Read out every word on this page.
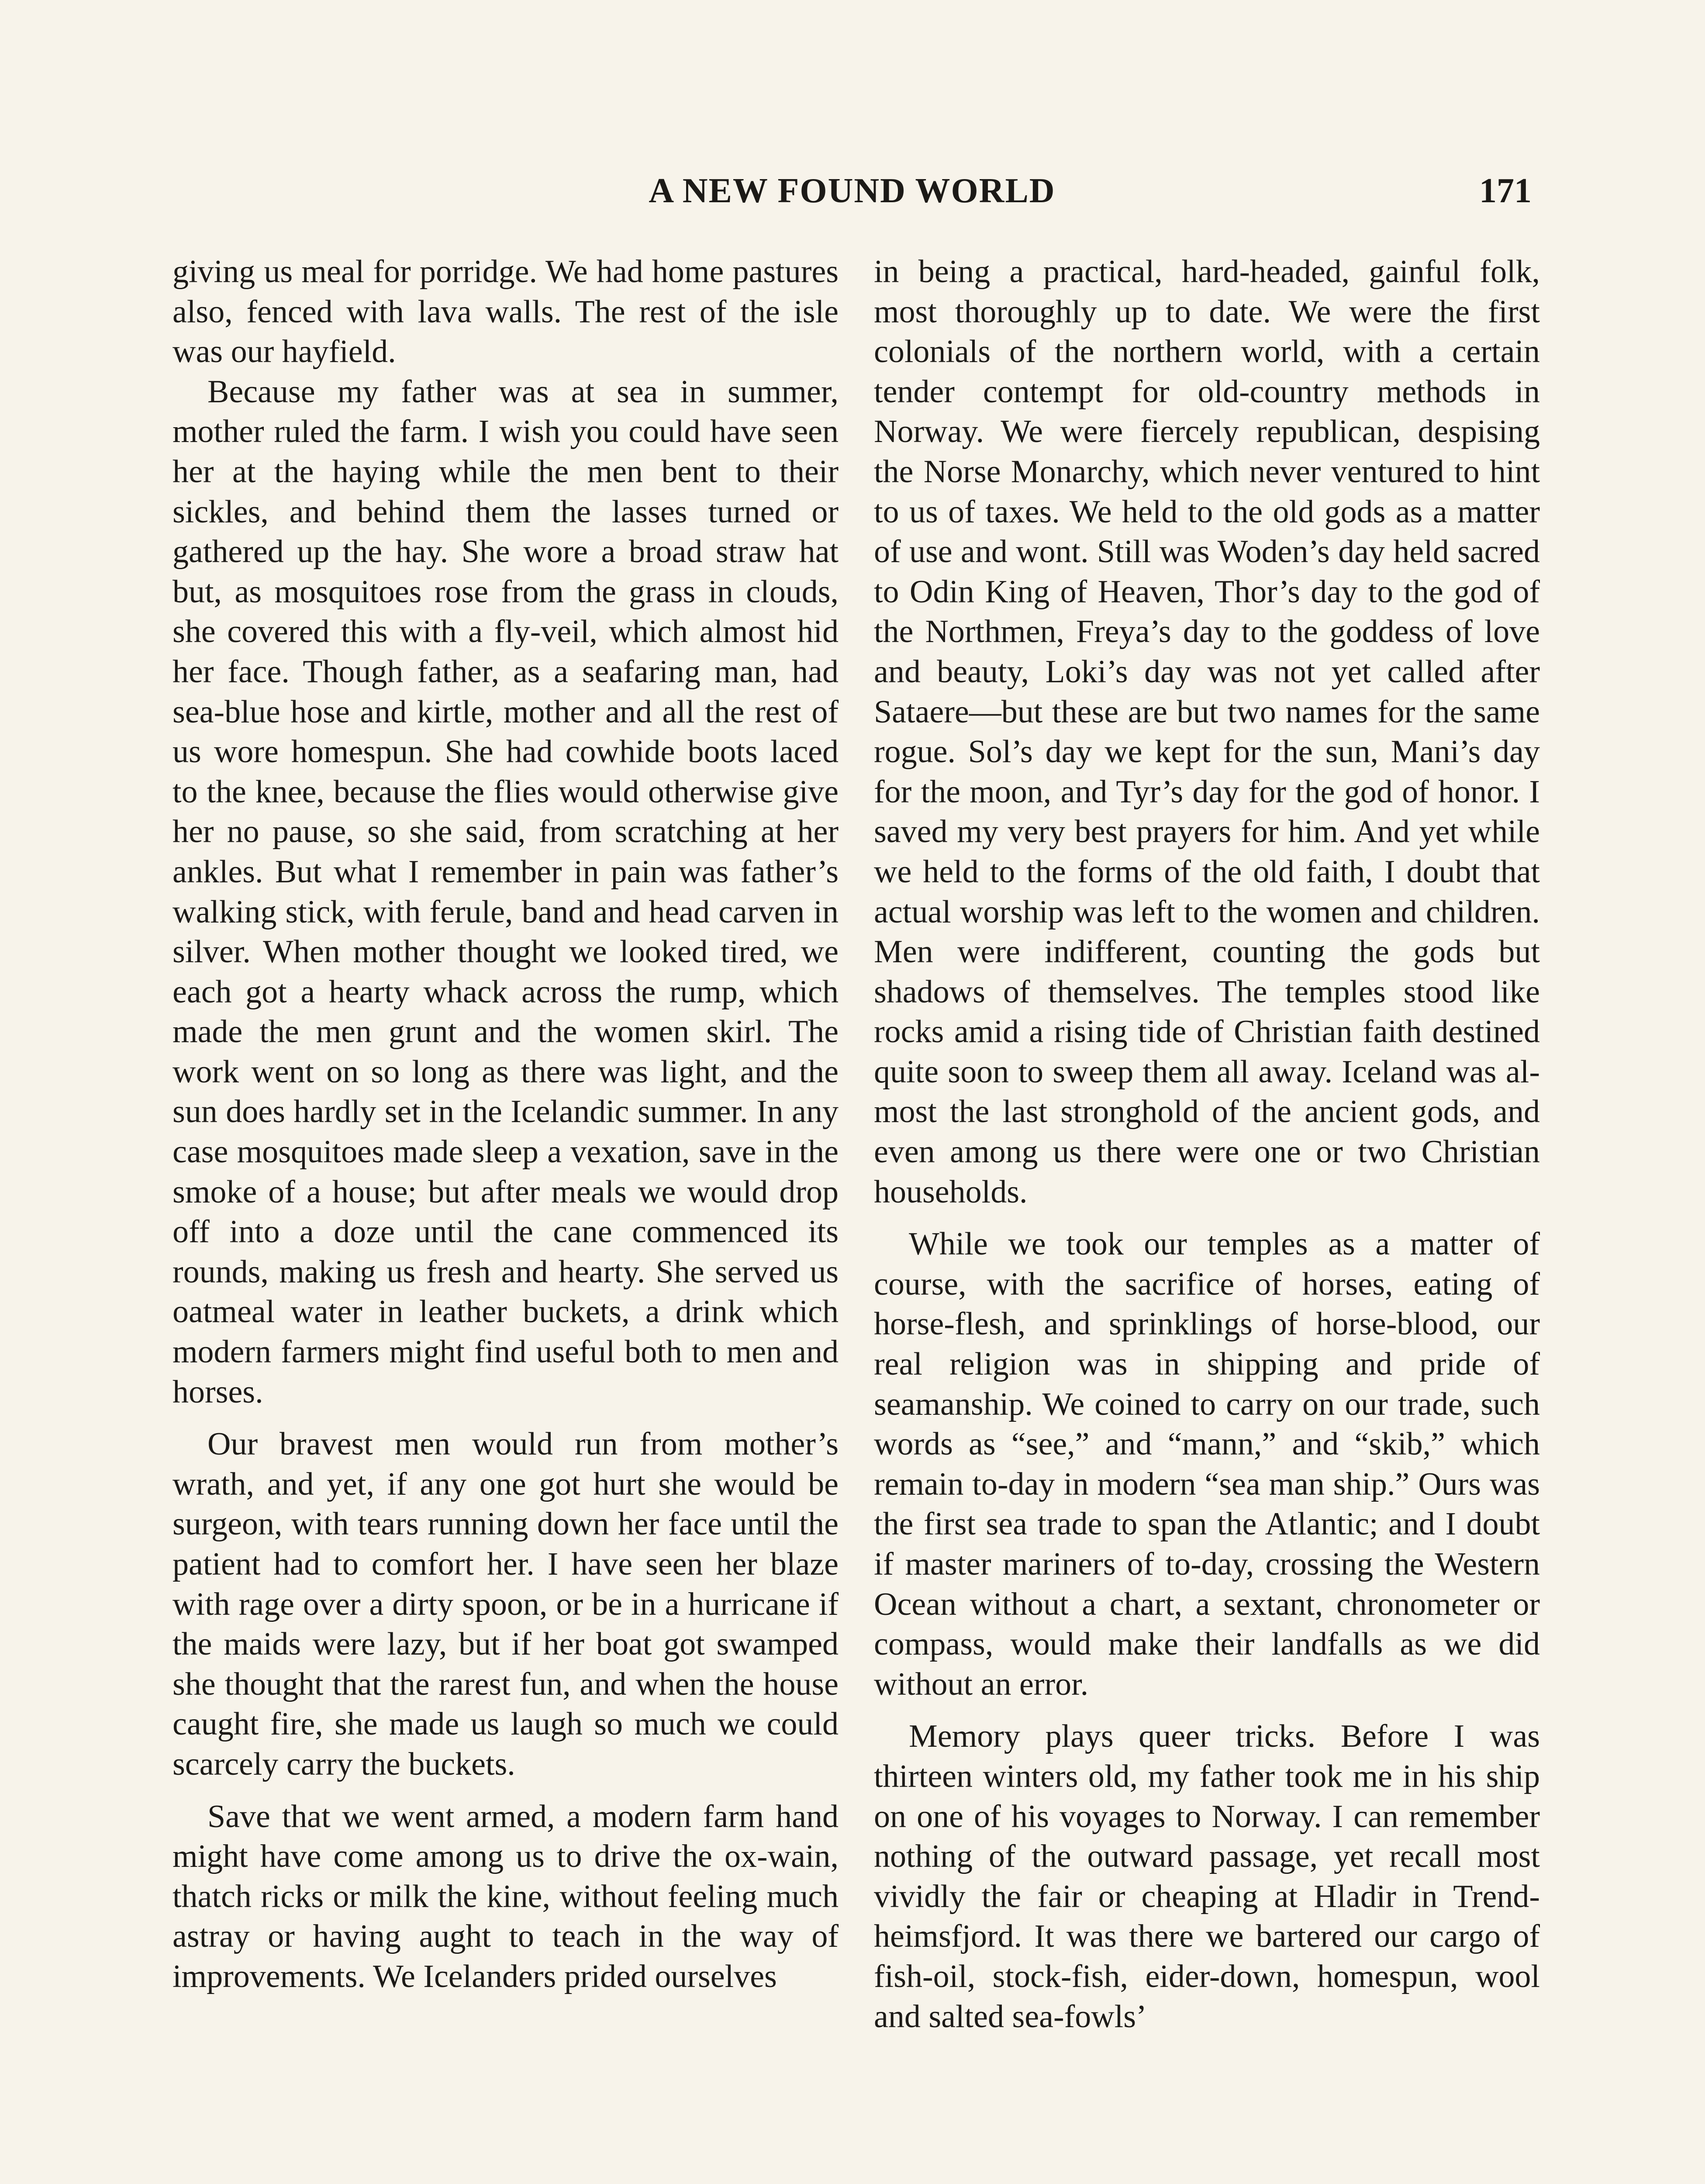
A NEW FOUND WORLD	171

giving us meal for porridge. We had home pastures also, fenced with lava walls. The rest of the isle was our hayfield.

Because my father was at sea in summer, mother ruled the farm. I wish you could have seen her at the haying while the men bent to their sickles, and behind them the lasses turned or gathered up the hay. She wore a broad straw hat but, as mosquitoes rose from the grass in clouds, she covered this with a fly-veil, which almost hid her face. Though father, as a seafaring man, had sea-blue hose and kirtle, mother and all the rest of us wore homespun. She had cowhide boots laced to the knee, because the flies would otherwise give her no pause, so she said, from scratching at her ankles. But what I remember in pain was father’s walking stick, with ferule, band and head carven in silver. When mother thought we looked tired, we each got a hearty whack across the rump, which made the men grunt and the women skirl. The work went on so long as there was light, and the sun does hardly set in the Icelandic summer. In any case mosquitoes made sleep a vexation, save in the smoke of a house; but after meals we would drop off into a doze until the cane commenced its rounds, making us fresh and hearty. She served us oatmeal water in leather buckets, a drink which modern farmers might find useful both to men and horses.

Our bravest men would run from mother’s wrath, and yet, if any one got hurt she would be surgeon, with tears running down her face until the patient had to comfort her. I have seen her blaze with rage over a dirty spoon, or be in a hurricane if the maids were lazy, but if her boat got swamped she thought that the rarest fun, and when the house caught fire, she made us laugh so much we could scarcely carry the buckets.

Save that we went armed, a modern farm hand might have come among us to drive the ox-wain, thatch ricks or milk the kine, without feeling much astray or having aught to teach in the way of improvements. We Icelanders prided ourselves

in being a practical, hard-headed, gainful folk, most thoroughly up to date. We were the first colonials of the northern world, with a certain tender contempt for old-country methods in Norway. We were fiercely republican, despising the Norse Monarchy, which never ventured to hint to us of taxes. We held to the old gods as a matter of use and wont. Still was Woden’s day held sacred to Odin King of Heaven, Thor’s day to the god of the Northmen, Freya’s day to the goddess of love and beauty, Loki’s day was not yet called after Sataere—but these are but two names for the same rogue. Sol’s day we kept for the sun, Mani’s day for the moon, and Tyr’s day for the god of honor. I saved my very best prayers for him. And yet while we held to the forms of the old faith, I doubt that actual worship was left to the women and children. Men were indifferent, counting the gods but shadows of themselves. The temples stood like rocks amid a rising tide of Christian faith destined quite soon to sweep them all away. Iceland was almost the last stronghold of the ancient gods, and even among us there were one or two Christian households.

While we took our temples as a matter of course, with the sacrifice of horses, eating of horse-flesh, and sprinklings of horse-blood, our real religion was in shipping and pride of seamanship. We coined to carry on our trade, such words as “see,” and “mann,” and “skib,” which remain to-day in modern “sea man ship.” Ours was the first sea trade to span the Atlantic; and I doubt if master mariners of to-day, crossing the Western Ocean without a chart, a sextant, chronometer or compass, would make their landfalls as we did without an error.

Memory plays queer tricks. Before I was thirteen winters old, my father took me in his ship on one of his voyages to Norway. I can remember nothing of the outward passage, yet recall most vividly the fair or cheaping at Hladir in Trendheimsfjord. It was there we bartered our cargo of fish-oil, stock-fish, eider-down, homespun, wool and salted sea-fowls’
